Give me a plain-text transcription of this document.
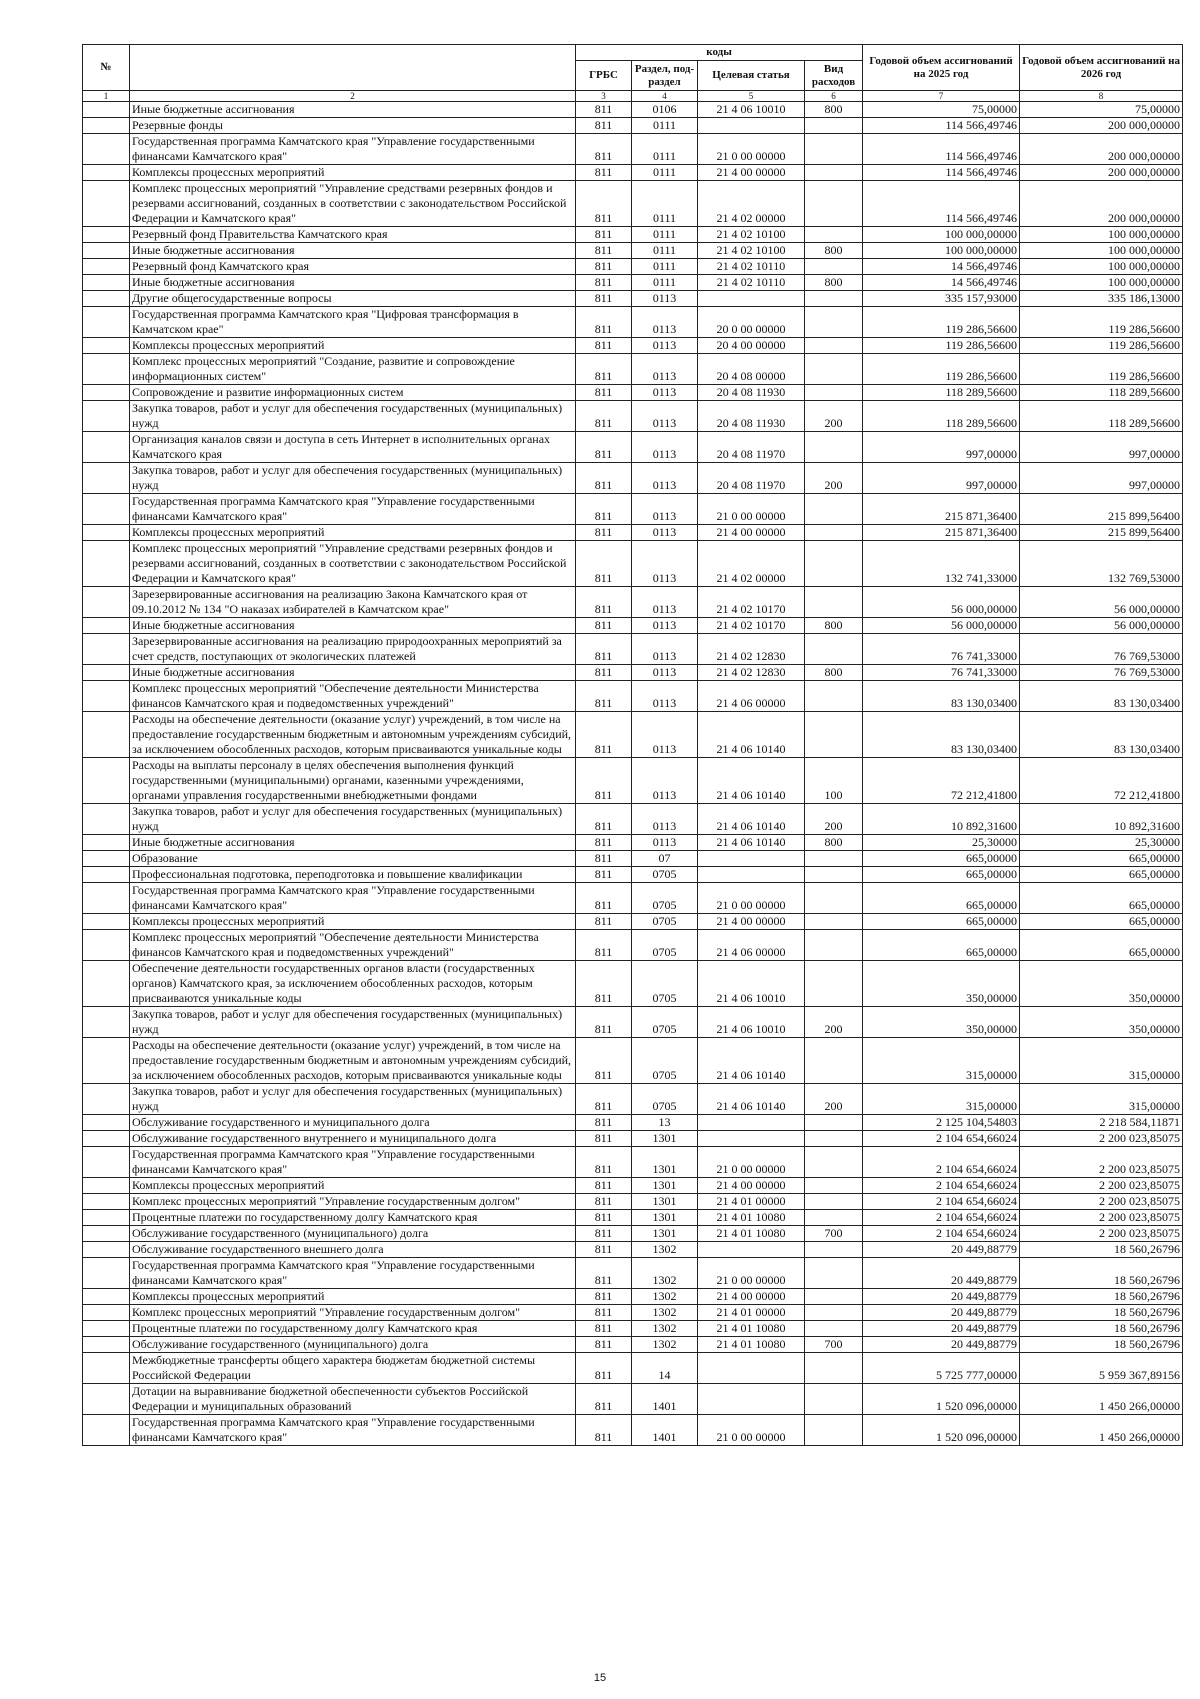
№		коды				Годовой объем ассигнований на 2025 год	Годовой объем ассигнований на 2026 год
		ГРБС	Раздел, под-раздел	Целевая статья	Вид расходов		
1	2	3	4	5	6	7	8
	Иные бюджетные ассигнования	811	0106	21 4 06 10010	800	75,00000	75,00000
	Резервные фонды	811	0111			114 566,49746	200 000,00000
	Государственная программа Камчатского края "Управление государственными финансами Камчатского края"	811	0111	21 0 00 00000		114 566,49746	200 000,00000
	Комплексы процессных мероприятий	811	0111	21 4 00 00000		114 566,49746	200 000,00000
	Комплекс процессных мероприятий "Управление средствами резервных фондов и резервами ассигнований, созданных в соответствии с законодательством Российской Федерации и Камчатского края"	811	0111	21 4 02 00000		114 566,49746	200 000,00000
	Резервный фонд Правительства Камчатского края	811	0111	21 4 02 10100		100 000,00000	100 000,00000
	Иные бюджетные ассигнования	811	0111	21 4 02 10100	800	100 000,00000	100 000,00000
	Резервный фонд Камчатского края	811	0111	21 4 02 10110		14 566,49746	100 000,00000
	Иные бюджетные ассигнования	811	0111	21 4 02 10110	800	14 566,49746	100 000,00000
	Другие общегосударственные вопросы	811	0113			335 157,93000	335 186,13000
	Государственная программа Камчатского края "Цифровая трансформация в Камчатском крае"	811	0113	20 0 00 00000		119 286,56600	119 286,56600
	Комплексы процессных мероприятий	811	0113	20 4 00 00000		119 286,56600	119 286,56600
	Комплекс процессных мероприятий "Создание, развитие и сопровождение информационных систем"	811	0113	20 4 08 00000		119 286,56600	119 286,56600
	Сопровождение и развитие информационных систем	811	0113	20 4 08 11930		118 289,56600	118 289,56600
	Закупка товаров, работ и услуг для обеспечения государственных (муниципальных) нужд	811	0113	20 4 08 11930	200	118 289,56600	118 289,56600
	Организация каналов связи и доступа в сеть Интернет в исполнительных органах Камчатского края	811	0113	20 4 08 11970		997,00000	997,00000
	Закупка товаров, работ и услуг для обеспечения государственных (муниципальных) нужд	811	0113	20 4 08 11970	200	997,00000	997,00000
	Государственная программа Камчатского края "Управление государственными финансами Камчатского края"	811	0113	21 0 00 00000		215 871,36400	215 899,56400
	Комплексы процессных мероприятий	811	0113	21 4 00 00000		215 871,36400	215 899,56400
	Комплекс процессных мероприятий "Управление средствами резервных фондов и резервами ассигнований, созданных в соответствии с законодательством Российской Федерации и Камчатского края"	811	0113	21 4 02 00000		132 741,33000	132 769,53000
	Зарезервированные ассигнования на реализацию Закона Камчатского края от 09.10.2012 № 134 "О наказах избирателей в Камчатском крае"	811	0113	21 4 02 10170		56 000,00000	56 000,00000
	Иные бюджетные ассигнования	811	0113	21 4 02 10170	800	56 000,00000	56 000,00000
	Зарезервированные ассигнования на реализацию природоохранных мероприятий за счет средств, поступающих от экологических платежей	811	0113	21 4 02 12830		76 741,33000	76 769,53000
	Иные бюджетные ассигнования	811	0113	21 4 02 12830	800	76 741,33000	76 769,53000
	Комплекс процессных мероприятий "Обеспечение деятельности Министерства финансов Камчатского края и подведомственных учреждений"	811	0113	21 4 06 00000		83 130,03400	83 130,03400
	Расходы на обеспечение деятельности (оказание услуг) учреждений, в том числе на предоставление государственным бюджетным и автономным учреждениям субсидий, за исключением обособленных расходов, которым присваиваются уникальные коды	811	0113	21 4 06 10140		83 130,03400	83 130,03400
	Расходы на выплаты персоналу в целях обеспечения выполнения функций государственными (муниципальными) органами, казенными учреждениями, органами управления государственными внебюджетными фондами	811	0113	21 4 06 10140	100	72 212,41800	72 212,41800
	Закупка товаров, работ и услуг для обеспечения государственных (муниципальных) нужд	811	0113	21 4 06 10140	200	10 892,31600	10 892,31600
	Иные бюджетные ассигнования	811	0113	21 4 06 10140	800	25,30000	25,30000
	Образование	811	07			665,00000	665,00000
	Профессиональная подготовка, переподготовка и повышение квалификации	811	0705			665,00000	665,00000
	Государственная программа Камчатского края "Управление государственными финансами Камчатского края"	811	0705	21 0 00 00000		665,00000	665,00000
	Комплексы процессных мероприятий	811	0705	21 4 00 00000		665,00000	665,00000
	Комплекс процессных мероприятий "Обеспечение деятельности Министерства финансов Камчатского края и подведомственных учреждений"	811	0705	21 4 06 00000		665,00000	665,00000
	Обеспечение деятельности государственных органов власти (государственных органов) Камчатского края, за исключением обособленных расходов, которым присваиваются уникальные коды	811	0705	21 4 06 10010		350,00000	350,00000
	Закупка товаров, работ и услуг для обеспечения государственных (муниципальных) нужд	811	0705	21 4 06 10010	200	350,00000	350,00000
	Расходы на обеспечение деятельности (оказание услуг) учреждений, в том числе на предоставление государственным бюджетным и автономным учреждениям субсидий, за исключением обособленных расходов, которым присваиваются уникальные коды	811	0705	21 4 06 10140		315,00000	315,00000
	Закупка товаров, работ и услуг для обеспечения государственных (муниципальных) нужд	811	0705	21 4 06 10140	200	315,00000	315,00000
	Обслуживание государственного и муниципального долга	811	13			2 125 104,54803	2 218 584,11871
	Обслуживание государственного внутреннего и муниципального долга	811	1301			2 104 654,66024	2 200 023,85075
	Государственная программа Камчатского края "Управление государственными финансами Камчатского края"	811	1301	21 0 00 00000		2 104 654,66024	2 200 023,85075
	Комплексы процессных мероприятий	811	1301	21 4 00 00000		2 104 654,66024	2 200 023,85075
	Комплекс процессных мероприятий "Управление государственным долгом"	811	1301	21 4 01 00000		2 104 654,66024	2 200 023,85075
	Процентные платежи по государственному долгу Камчатского края	811	1301	21 4 01 10080		2 104 654,66024	2 200 023,85075
	Обслуживание государственного (муниципального) долга	811	1301	21 4 01 10080	700	2 104 654,66024	2 200 023,85075
	Обслуживание государственного внешнего долга	811	1302			20 449,88779	18 560,26796
	Государственная программа Камчатского края "Управление государственными финансами Камчатского края"	811	1302	21 0 00 00000		20 449,88779	18 560,26796
	Комплексы процессных мероприятий	811	1302	21 4 00 00000		20 449,88779	18 560,26796
	Комплекс процессных мероприятий "Управление государственным долгом"	811	1302	21 4 01 00000		20 449,88779	18 560,26796
	Процентные платежи по государственному долгу Камчатского края	811	1302	21 4 01 10080		20 449,88779	18 560,26796
	Обслуживание государственного (муниципального) долга	811	1302	21 4 01 10080	700	20 449,88779	18 560,26796
	Межбюджетные трансферты общего характера бюджетам бюджетной системы Российской Федерации	811	14			5 725 777,00000	5 959 367,89156
	Дотации на выравнивание бюджетной обеспеченности субъектов Российской Федерации и муниципальных образований	811	1401			1 520 096,00000	1 450 266,00000
	Государственная программа Камчатского края "Управление государственными финансами Камчатского края"	811	1401	21 0 00 00000		1 520 096,00000	1 450 266,00000
15
